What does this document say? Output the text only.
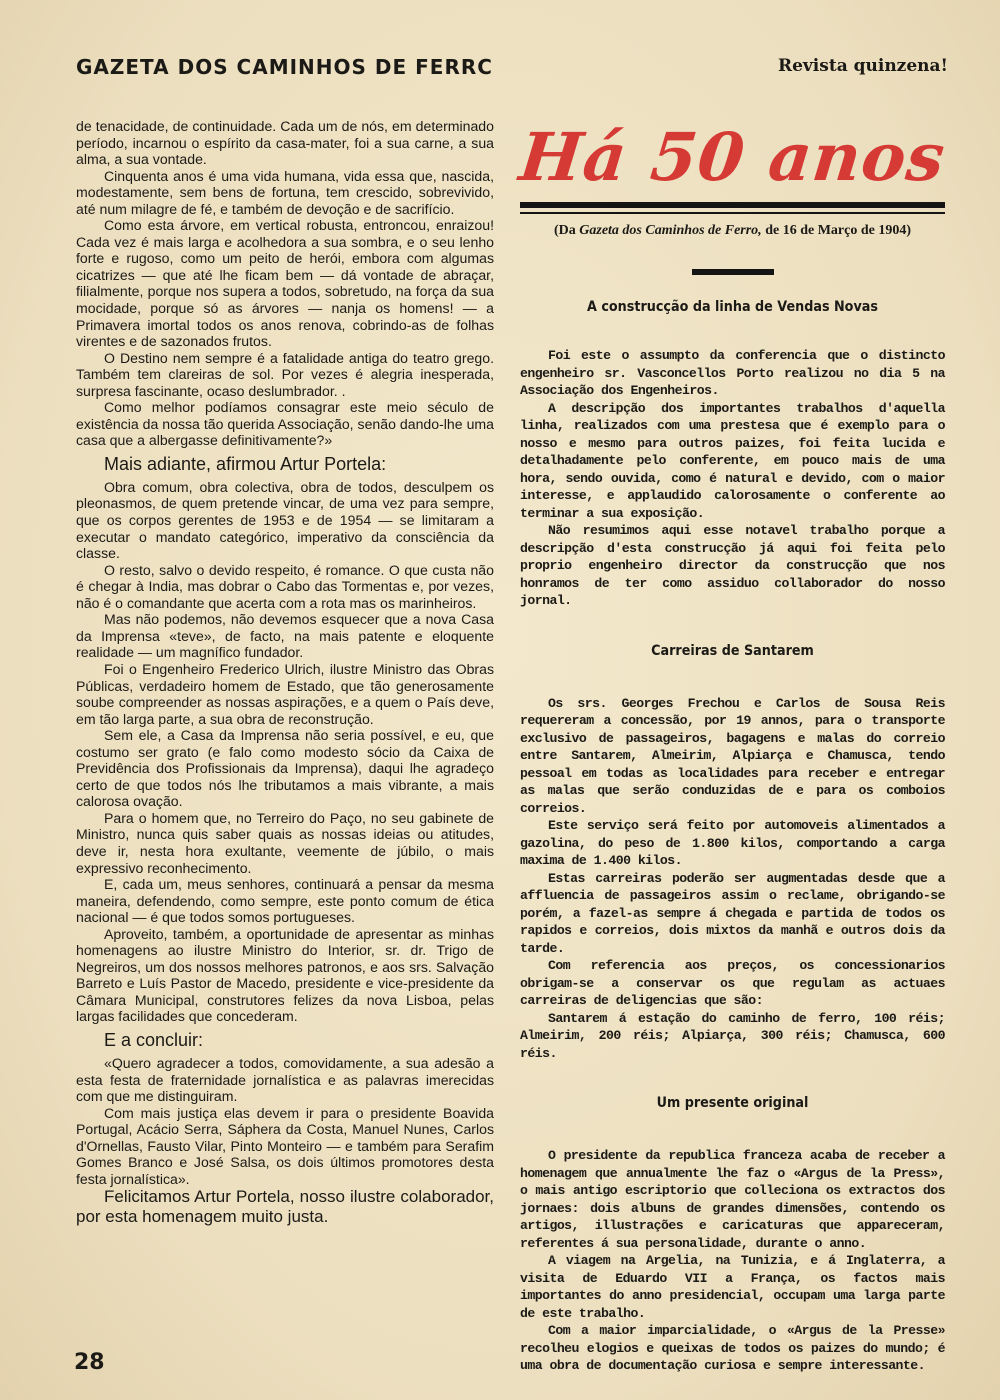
GAZETA DOS CAMINHOS DE FERRC	Revista quinzena!

de tenacidade, de continuidade. Cada um de nós, em determinado período, incarnou o espírito da casa-mater, foi a sua carne, a sua alma, a sua vontade.

Cinquenta anos é uma vida humana, vida essa que, nascida, modestamente, sem bens de fortuna, tem crescido, sobrevivido, até num milagre de fé, e também de devoção e de sacrifício.

Como esta árvore, em vertical robusta, entroncou, enraizou! Cada vez é mais larga e acolhedora a sua sombra, e o seu lenho forte e rugoso, como um peito de herói, embora com algumas cicatrizes — que até lhe ficam bem — dá vontade de abraçar, filialmente, porque nos supera a todos, sobretudo, na força da sua mocidade, porque só as árvores — nanja os homens! — a Primavera imortal todos os anos renova, cobrindo-as de folhas virentes e de sazonados frutos.

O Destino nem sempre é a fatalidade antiga do teatro grego. Também tem clareiras de sol. Por vezes é alegria inesperada, surpresa fascinante, ocaso deslumbrador. .

Como melhor podíamos consagrar este meio século de existência da nossa tão querida Associação, senão dando-lhe uma casa que a albergasse definitivamente?»

Mais adiante, afirmou Artur Portela:

Obra comum, obra colectiva, obra de todos, desculpem os pleonasmos, de quem pretende vincar, de uma vez para sempre, que os corpos gerentes de 1953 e de 1954 — se limitaram a executar o mandato categórico, imperativo da consciência da classe.

O resto, salvo o devido respeito, é romance. O que custa não é chegar à India, mas dobrar o Cabo das Tormentas e, por vezes, não é o comandante que acerta com a rota mas os marinheiros.

Mas não podemos, não devemos esquecer que a nova Casa da Imprensa «teve», de facto, na mais patente e eloquente realidade — um magnífico fundador.

Foi o Engenheiro Frederico Ulrich, ilustre Ministro das Obras Públicas, verdadeiro homem de Estado, que tão generosamente soube compreender as nossas aspirações, e a quem o País deve, em tão larga parte, a sua obra de reconstrução.

Sem ele, a Casa da Imprensa não seria possível, e eu, que costumo ser grato (e falo como modesto sócio da Caixa de Previdência dos Profissionais da Imprensa), daqui lhe agradeço certo de que todos nós lhe tributamos a mais vibrante, a mais calorosa ovação.

Para o homem que, no Terreiro do Paço, no seu gabinete de Ministro, nunca quis saber quais as nossas ideias ou atitudes, deve ir, nesta hora exultante, veemente de júbilo, o mais expressivo reconhecimento.

E, cada um, meus senhores, continuará a pensar da mesma maneira, defendendo, como sempre, este ponto comum de ética nacional — é que todos somos portugueses.

Aproveito, também, a oportunidade de apresentar as minhas homenagens ao ilustre Ministro do Interior, sr. dr. Trigo de Negreiros, um dos nossos melhores patronos, e aos srs. Salvação Barreto e Luís Pastor de Macedo, presidente e vice-presidente da Câmara Municipal, construtores felizes da nova Lisboa, pelas largas facilidades que concederam.

E a concluir:

«Quero agradecer a todos, comovidamente, a sua adesão a esta festa de fraternidade jornalística e as palavras imerecidas com que me distinguiram.

Com mais justiça elas devem ir para o presidente Boavida Portugal, Acácio Serra, Sáphera da Costa, Manuel Nunes, Carlos d'Ornellas, Fausto Vilar, Pinto Monteiro — e também para Serafim Gomes Branco e José Salsa, os dois últimos promotores desta festa jornalística».

Felicitamos Artur Portela, nosso ilustre colaborador, por esta homenagem muito justa.

Há 50 anos
(Da Gazeta dos Caminhos de Ferro, de 16 de Março de 1904)
A construcção da linha de Vendas Novas

Foi este o assumpto da conferencia que o distincto engenheiro sr. Vasconcellos Porto realizou no dia 5 na Associação dos Engenheiros.

A descripção dos importantes trabalhos d'aquella linha, realizados com uma prestesa que é exemplo para o nosso e mesmo para outros paizes, foi feita lucida e detalhadamente pelo conferente, em pouco mais de uma hora, sendo ouvida, como é natural e devido, com o maior interesse, e applaudido calorosamente o conferente ao terminar a sua exposição.

Não resumimos aqui esse notavel trabalho porque a descripção d'esta construcção já aqui foi feita pelo proprio engenheiro director da construcção que nos honramos de ter como assiduo collaborador do nosso jornal.

Carreiras de Santarem

Os srs. Georges Frechou e Carlos de Sousa Reis requereram a concessão, por 19 annos, para o transporte exclusivo de passageiros, bagagens e malas do correio entre Santarem, Almeirim, Alpiarça e Chamusca, tendo pessoal em todas as localidades para receber e entregar as malas que serão conduzidas de e para os comboios correios.

Este serviço será feito por automoveis alimentados a gazolina, do peso de 1.800 kilos, comportando a carga maxima de 1.400 kilos.

Estas carreiras poderão ser augmentadas desde que a affluencia de passageiros assim o reclame, obrigando-se porém, a fazel-as sempre á chegada e partida de todos os rapidos e correios, dois mixtos da manhã e outros dois da tarde.

Com referencia aos preços, os concessionarios obrigam-se a conservar os que regulam as actuaes carreiras de deligencias que são:

Santarem á estação do caminho de ferro, 100 réis; Almeirim, 200 réis; Alpiarça, 300 réis; Chamusca, 600 réis.

Um presente original

O presidente da republica franceza acaba de receber a homenagem que annualmente lhe faz o «Argus de la Press», o mais antigo escriptorio que colleciona os extractos dos jornaes: dois albuns de grandes dimensões, contendo os artigos, illustrações e caricaturas que appareceram, referentes á sua personalidade, durante o anno.

A viagem na Argelia, na Tunizia, e á Inglaterra, a visita de Eduardo VII a França, os factos mais importantes do anno presidencial, occupam uma larga parte de este trabalho.

Com a maior imparcialidade, o «Argus de la Presse» recolheu elogios e queixas de todos os paizes do mundo; é uma obra de documentação curiosa e sempre interessante.

28
